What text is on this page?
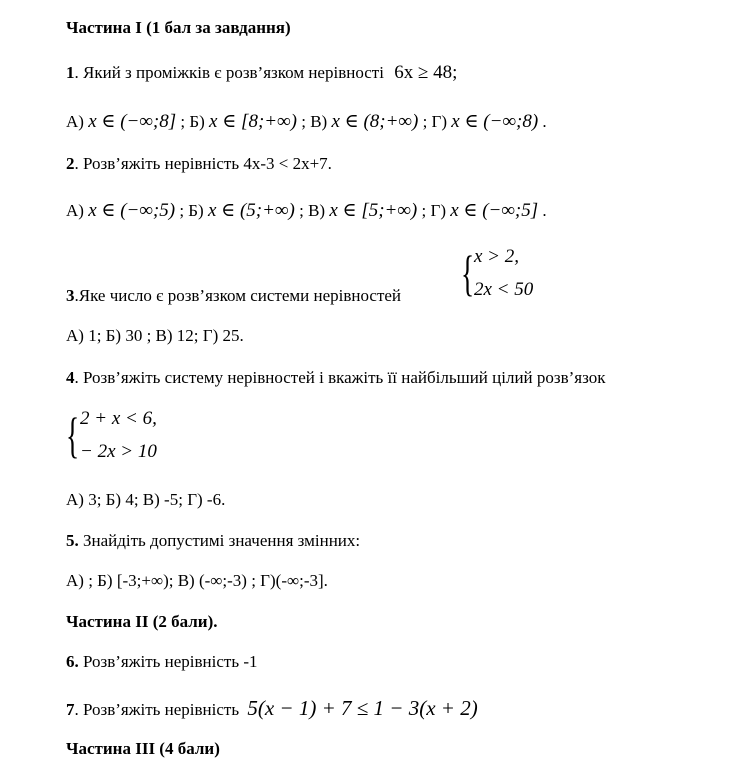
Частина І (1 бал за завдання)
1. Який з проміжків є розв’язком нерівності 6x ≥ 48;
А) x ∈ (−∞;8] ; Б) x ∈ [8;+∞) ; В) x ∈ (8;+∞) ; Г) x ∈ (−∞;8) .
2. Розв’яжіть нерівність 4х-3 < 2х+7.
А) x ∈ (−∞;5) ; Б) x ∈ (5;+∞) ; В) x ∈ [5;+∞) ; Г) x ∈ (−∞;5] .
{ x > 2,
2x < 50
3.Яке число є розв’язком системи нерівностей
А) 1; Б) 30 ; В) 12; Г) 25.
4. Розв’яжіть систему нерівностей і вкажіть її найбільший цілий розв’язок
{ 2 + x < 6,
− 2x > 10
А) 3; Б) 4; В) -5; Г) -6.
5. Знайдіть допустимі значення змінних:
А) ; Б) [-3;+∞); В) (-∞;-3) ; Г)(-∞;-3].
Частина ІІ (2 бали).
6. Розв’яжіть нерівність -1
7. Розв’яжіть нерівність 5(x − 1) + 7 ≤ 1 − 3(x + 2)
Частина ІІІ (4 бали)
